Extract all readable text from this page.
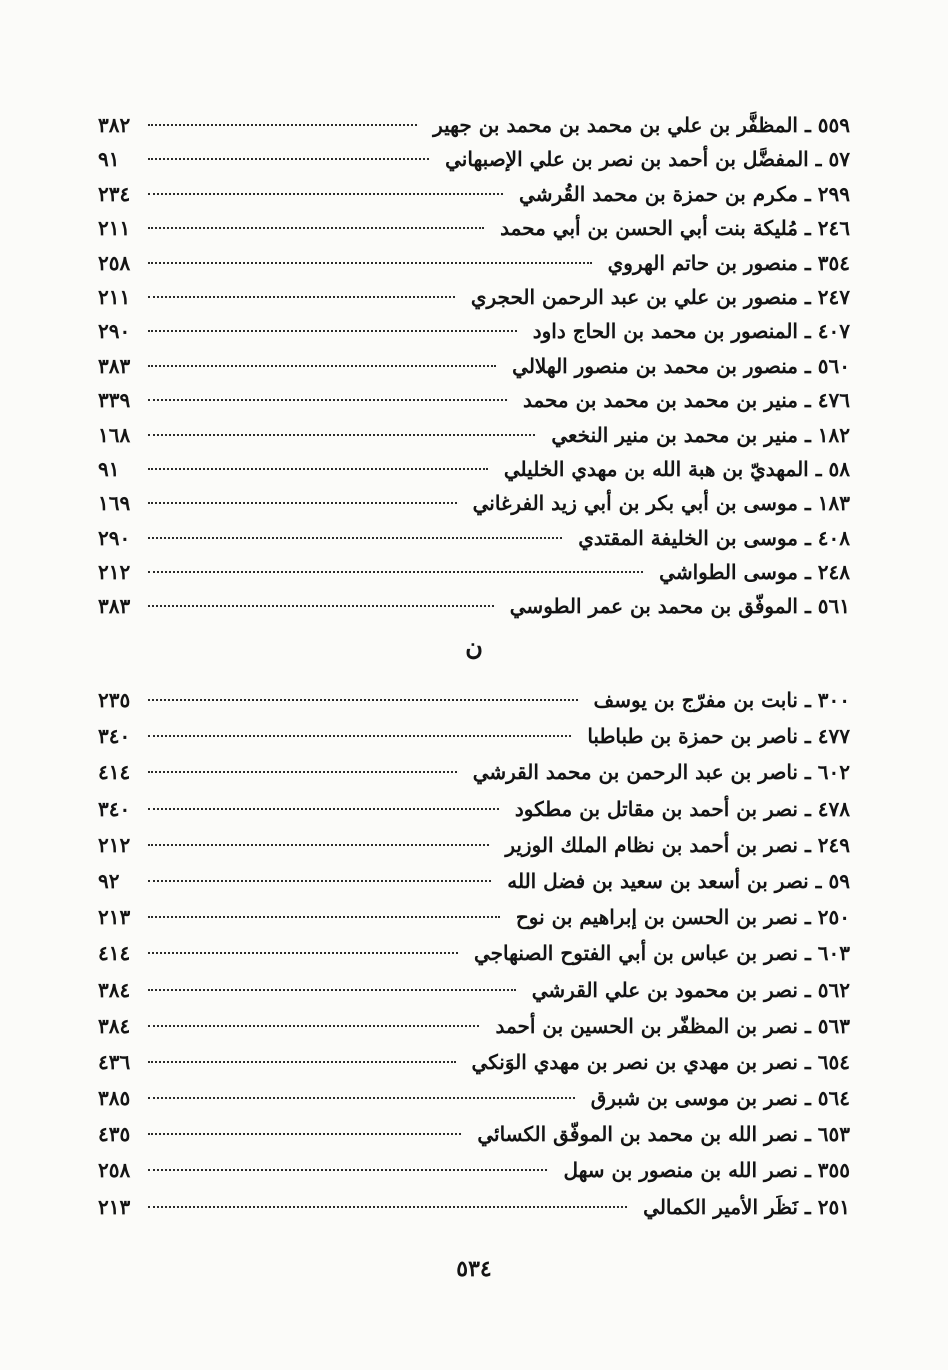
٥٥٩ ـ المظفَّر بن علي بن محمد بن محمد بن جهير
٣٨٢
٥٧ ـ المفضَّل بن أحمد بن نصر بن علي الإصبهاني
٩١
٢٩٩ ـ مكرم بن حمزة بن محمد القُرشي
٢٣٤
٢٤٦ ـ مُليكة بنت أبي الحسن بن أبي محمد
٢١١
٣٥٤ ـ منصور بن حاتم الهروي
٢٥٨
٢٤٧ ـ منصور بن علي بن عبد الرحمن الحجري
٢١١
٤٠٧ ـ المنصور بن محمد بن الحاج داود
٢٩٠
٥٦٠ ـ منصور بن محمد بن منصور الهلالي
٣٨٣
٤٧٦ ـ منير بن محمد بن محمد بن محمد
٣٣٩
١٨٢ ـ منير بن محمد بن منير النخعي
١٦٨
٥٨ ـ المهديّ بن هبة الله بن مهدي الخليلي
٩١
١٨٣ ـ موسى بن أبي بكر بن أبي زيد الفرغاني
١٦٩
٤٠٨ ـ موسى بن الخليفة المقتدي
٢٩٠
٢٤٨ ـ موسى الطواشي
٢١٢
٥٦١ ـ الموفّق بن محمد بن عمر الطوسي
٣٨٣
ن
٣٠٠ ـ نابت بن مفرّج بن يوسف
٢٣٥
٤٧٧ ـ ناصر بن حمزة بن طباطبا
٣٤٠
٦٠٢ ـ ناصر بن عبد الرحمن بن محمد القرشي
٤١٤
٤٧٨ ـ نصر بن أحمد بن مقاتل بن مطكود
٣٤٠
٢٤٩ ـ نصر بن أحمد بن نظام الملك الوزير
٢١٢
٥٩ ـ نصر بن أسعد بن سعيد بن فضل الله
٩٢
٢٥٠ ـ نصر بن الحسن بن إبراهيم بن نوح
٢١٣
٦٠٣ ـ نصر بن عباس بن أبي الفتوح الصنهاجي
٤١٤
٥٦٢ ـ نصر بن محمود بن علي القرشي
٣٨٤
٥٦٣ ـ نصر بن المظفّر بن الحسين بن أحمد
٣٨٤
٦٥٤ ـ نصر بن مهدي بن نصر بن مهدي الوَنكي
٤٣٦
٥٦٤ ـ نصر بن موسى بن شبرق
٣٨٥
٦٥٣ ـ نصر الله بن محمد بن الموفّق الكسائي
٤٣٥
٣٥٥ ـ نصر الله بن منصور بن سهل
٢٥٨
٢٥١ ـ نَظَر الأمير الكمالي
٢١٣
٥٣٤
